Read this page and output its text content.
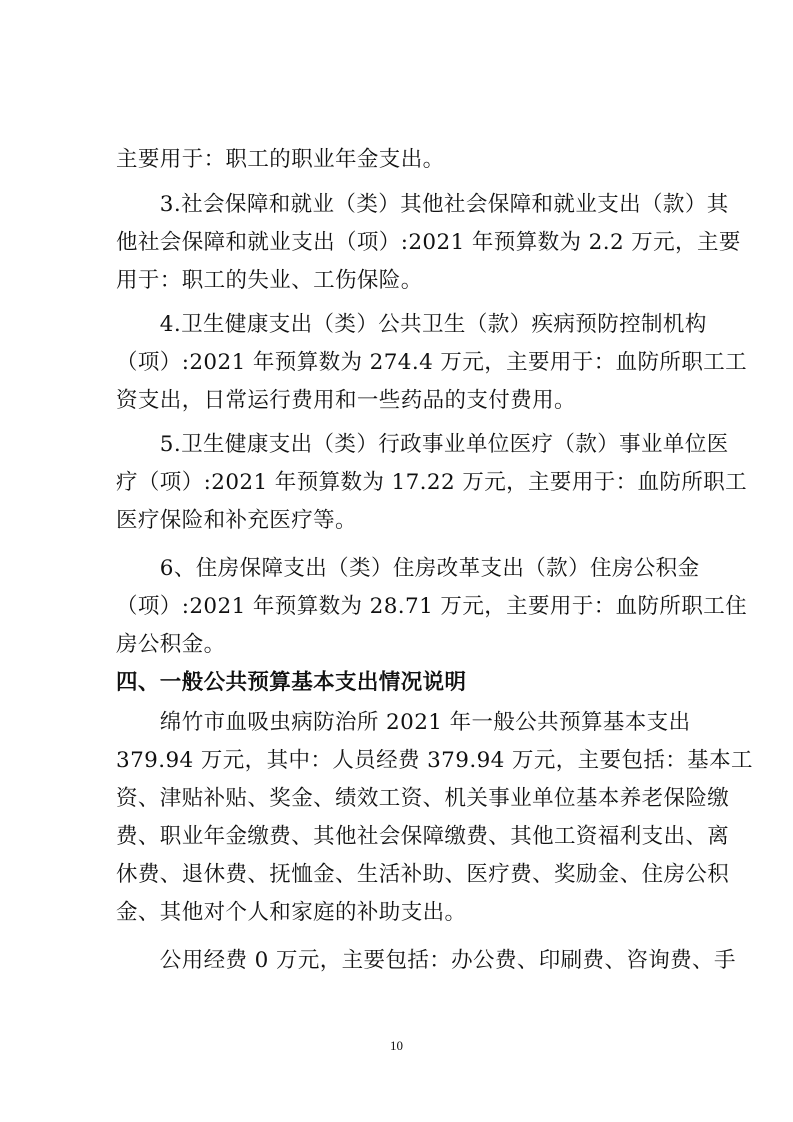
主要用于：职工的职业年金支出。
　　3.社会保障和就业（类）其他社会保障和就业支出（款）其
他社会保障和就业支出（项）:2021 年预算数为 2.2 万元，主要
用于：职工的失业、工伤保险。
　　4.卫生健康支出（类）公共卫生（款）疾病预防控制机构
（项）:2021 年预算数为 274.4 万元，主要用于：血防所职工工
资支出，日常运行费用和一些药品的支付费用。
　　5.卫生健康支出（类）行政事业单位医疗（款）事业单位医
疗（项）:2021 年预算数为 17.22 万元，主要用于：血防所职工
医疗保险和补充医疗等。
　　6、住房保障支出（类）住房改革支出（款）住房公积金
（项）:2021 年预算数为 28.71 万元，主要用于：血防所职工住
房公积金。
四、一般公共预算基本支出情况说明
　　绵竹市血吸虫病防治所 2021 年一般公共预算基本支出
379.94 万元，其中：人员经费 379.94 万元，主要包括：基本工
资、津贴补贴、奖金、绩效工资、机关事业单位基本养老保险缴
费、职业年金缴费、其他社会保障缴费、其他工资福利支出、离
休费、退休费、抚恤金、生活补助、医疗费、奖励金、住房公积
金、其他对个人和家庭的补助支出。
　　公用经费 0 万元，主要包括：办公费、印刷费、咨询费、手
10
